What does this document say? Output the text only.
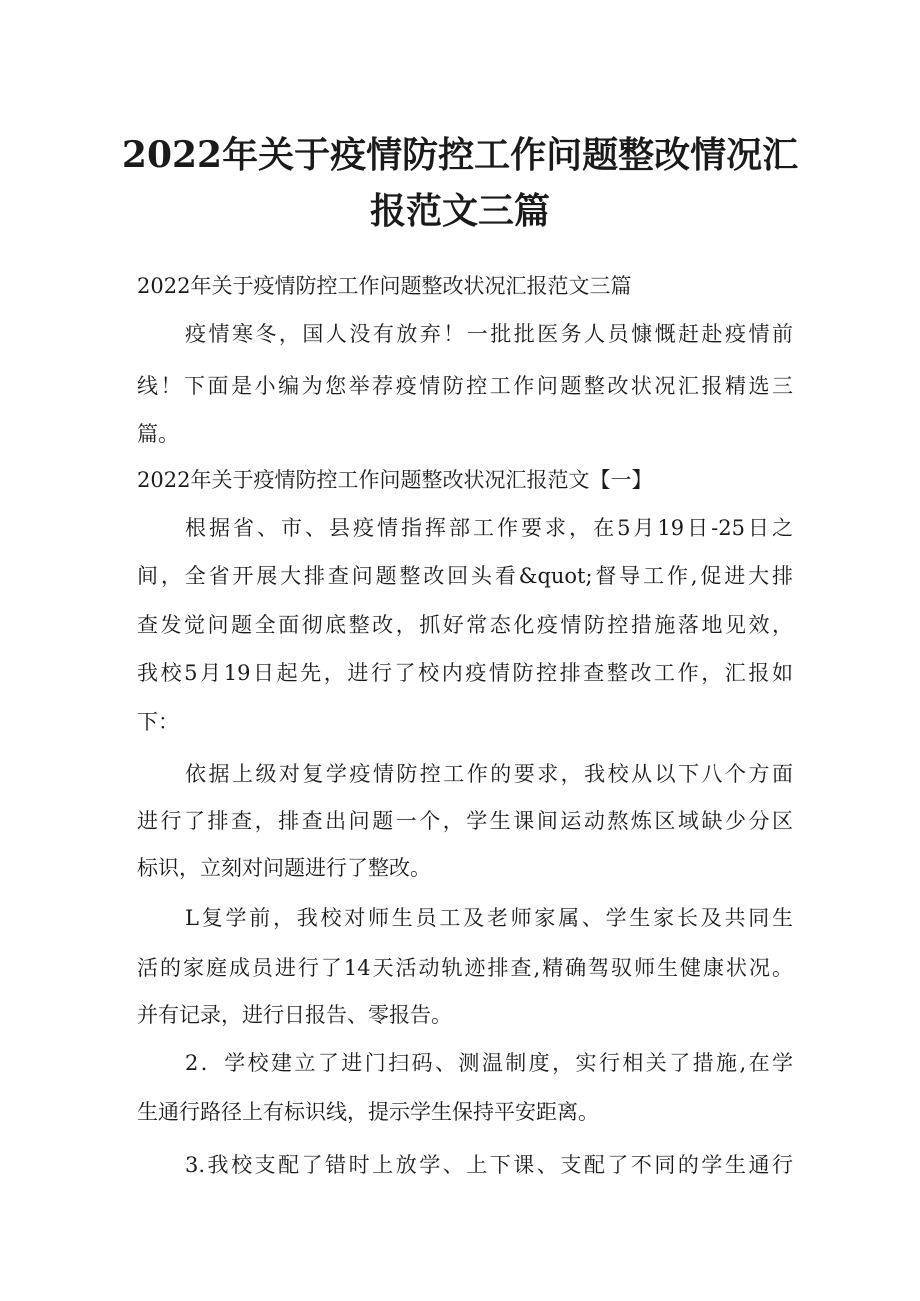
2022年关于疫情防控工作问题整改情况汇
报范文三篇

2022年关于疫情防控工作问题整改状况汇报范文三篇

疫情寒冬，国人没有放弃！一批批医务人员慷慨赶赴疫情前

线！下面是小编为您举荐疫情防控工作问题整改状况汇报精选三

篇。

2022年关于疫情防控工作问题整改状况汇报范文【一】

根据省、市、县疫情指挥部工作要求，在5月19日-25日之

间，全省开展大排查问题整改回头看&quot;督导工作,促进大排

查发觉问题全面彻底整改，抓好常态化疫情防控措施落地见效，

我校5月19日起先，进行了校内疫情防控排查整改工作，汇报如

下：

依据上级对复学疫情防控工作的要求，我校从以下八个方面

进行了排查，排查出问题一个，学生课间运动熬炼区域缺少分区

标识，立刻对问题进行了整改。

L复学前，我校对师生员工及老师家属、学生家长及共同生

活的家庭成员进行了14天活动轨迹排查,精确驾驭师生健康状况。

并有记录，进行日报告、零报告。

2．学校建立了进门扫码、测温制度，实行相关了措施,在学

生通行路径上有标识线，提示学生保持平安距离。

3.我校支配了错时上放学、上下课、支配了不同的学生通行
